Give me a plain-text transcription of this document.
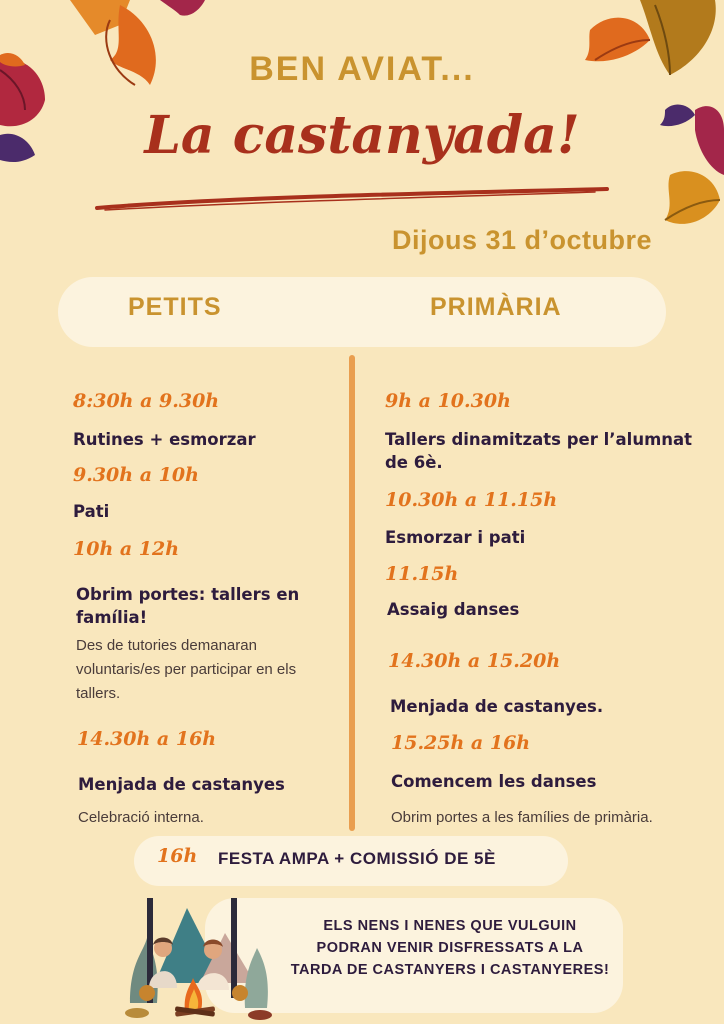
BEN AVIAT...
La castanyada!
Dijous 31 d’octubre
PETITS	PRIMÀRIA
8:30h a 9.30h
Rutines + esmorzar
9.30h a 10h
Pati
10h a 12h
Obrim portes: tallers en família!
Des de tutories demanaran voluntaris/es per participar en els tallers.
14.30h a 16h
Menjada de castanyes
Celebració interna.
9h a 10.30h
Tallers dinamitzats per l’alumnat de 6è.
10.30h a 11.15h
Esmorzar i pati
11.15h
Assaig danses
14.30h a 15.20h
Menjada de castanyes.
15.25h a 16h
Comencem les danses
Obrim portes a les famílies de primària.
16h FESTA AMPA + COMISSIÓ DE 5È
ELS NENS I NENES QUE VULGUIN PODRAN VENIR DISFRESSATS A LA TARDA DE CASTANYERS I CASTANYERES!
